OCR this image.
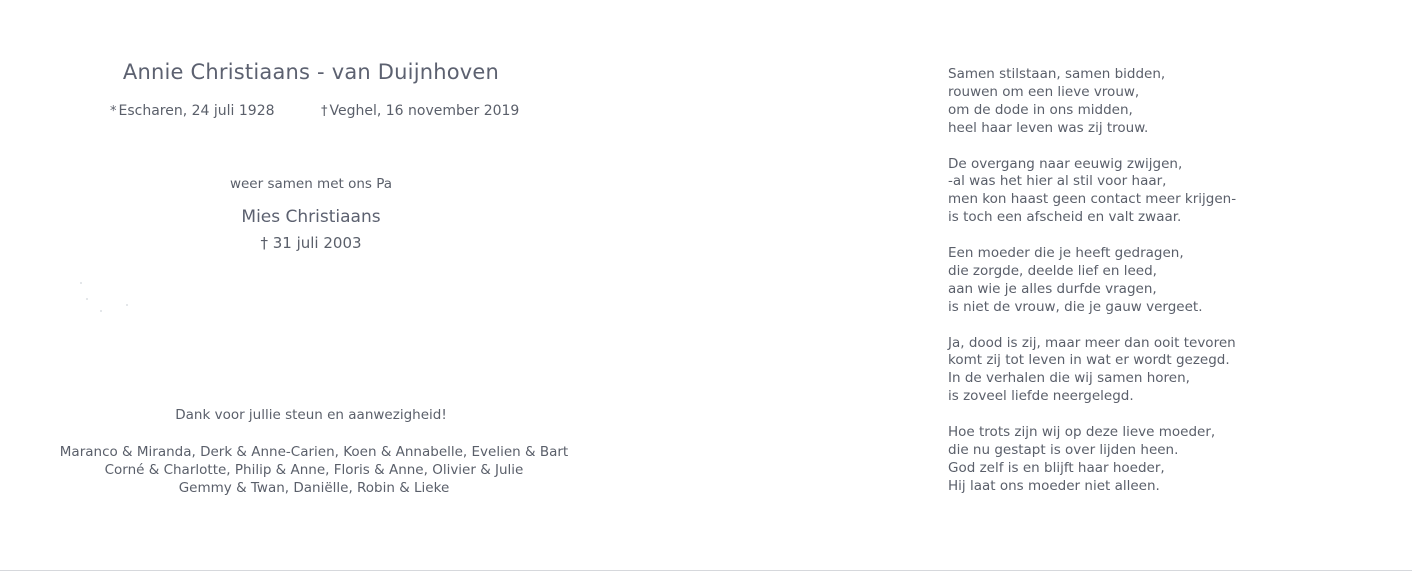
Annie Christiaans - van Duijnhoven
* Escharen, 24 juli 1928	† Veghel, 16 november 2019
weer samen met ons Pa
Mies Christiaans
† 31 juli 2003
Dank voor jullie steun en aanwezigheid!
Maranco & Miranda, Derk & Anne-Carien, Koen & Annabelle, Evelien & Bart
Corné & Charlotte, Philip & Anne, Floris & Anne, Olivier & Julie
Gemmy & Twan, Daniëlle, Robin & Lieke
Samen stilstaan, samen bidden,
rouwen om een lieve vrouw,
om de dode in ons midden,
heel haar leven was zij trouw.
De overgang naar eeuwig zwijgen,
-al was het hier al stil voor haar,
men kon haast geen contact meer krijgen-
is toch een afscheid en valt zwaar.
Een moeder die je heeft gedragen,
die zorgde, deelde lief en leed,
aan wie je alles durfde vragen,
is niet de vrouw, die je gauw vergeet.
Ja, dood is zij, maar meer dan ooit tevoren
komt zij tot leven in wat er wordt gezegd.
In de verhalen die wij samen horen,
is zoveel liefde neergelegd.
Hoe trots zijn wij op deze lieve moeder,
die nu gestapt is over lijden heen.
God zelf is en blijft haar hoeder,
Hij laat ons moeder niet alleen.
